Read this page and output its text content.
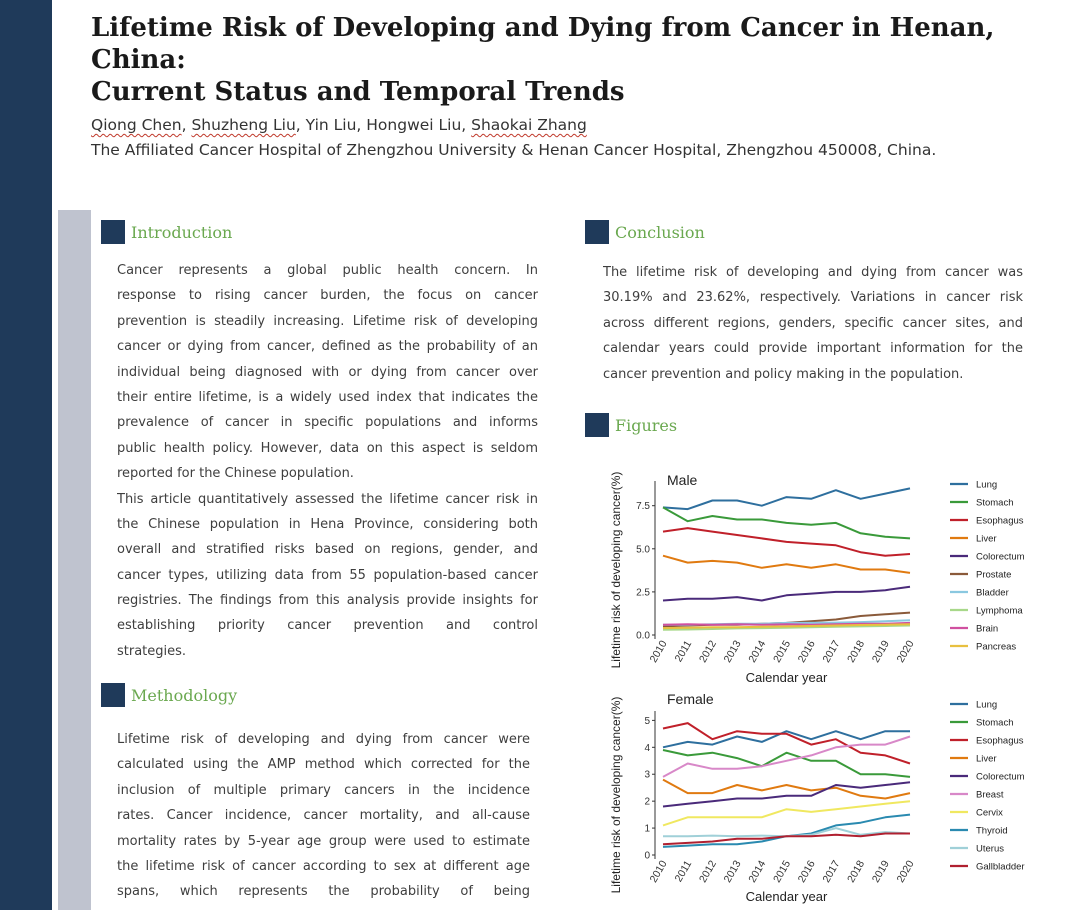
Lifetime Risk of Developing and Dying from Cancer in Henan, China:
Current Status and Temporal Trends
Qiong Chen, Shuzheng Liu, Yin Liu, Hongwei Liu, Shaokai Zhang
The Affiliated Cancer Hospital of Zhengzhou University & Henan Cancer Hospital, Zhengzhou 450008, China.
Introduction
Cancer represents a global public health concern. In
response to rising cancer burden, the focus on cancer
prevention is steadily increasing. Lifetime risk of developing
cancer or dying from cancer, defined as the probability of an
individual being diagnosed with or dying from cancer over
their entire lifetime, is a widely used index that indicates the
prevalence of cancer in specific populations and informs
public health policy. However, data on this aspect is seldom
reported for the Chinese population.
This article quantitatively assessed the lifetime cancer risk in
the Chinese population in Hena Province, considering both
overall and stratified risks based on regions, gender, and
cancer types, utilizing data from 55 population-based cancer
registries. The findings from this analysis provide insights for
establishing priority cancer prevention and control
strategies.
Methodology
Lifetime risk of developing and dying from cancer were
calculated using the AMP method which corrected for the
inclusion of multiple primary cancers in the incidence
rates. Cancer incidence, cancer mortality, and all-cause
mortality rates by 5-year age group were used to estimate
the lifetime risk of cancer according to sex at different age
spans, which represents the probability of being
Conclusion
The lifetime risk of developing and dying from cancer was
30.19% and 23.62%, respectively. Variations in cancer risk
across different regions, genders, specific cancer sites, and
calendar years could provide important information for the
cancer prevention and policy making in the population.
Figures
Lifetime risk of developing cancer(%)	Male
0.0
2.5
5.0
7.5
2010 2011 2012 2013 2014 2015 2016 2017 2018 2019 2020
Calendar year
Lung
Stomach
Esophagus
Liver
Colorectum
Prostate
Bladder
Lymphoma
Brain
Pancreas
Lifetime risk of developing cancer(%)	Female
0
1
2
3
4
5
2010 2011 2012 2013 2014 2015 2016 2017 2018 2019 2020
Calendar year
Lung
Stomach
Esophagus
Liver
Colorectum
Breast
Cervix
Thyroid
Uterus
Gallbladder
